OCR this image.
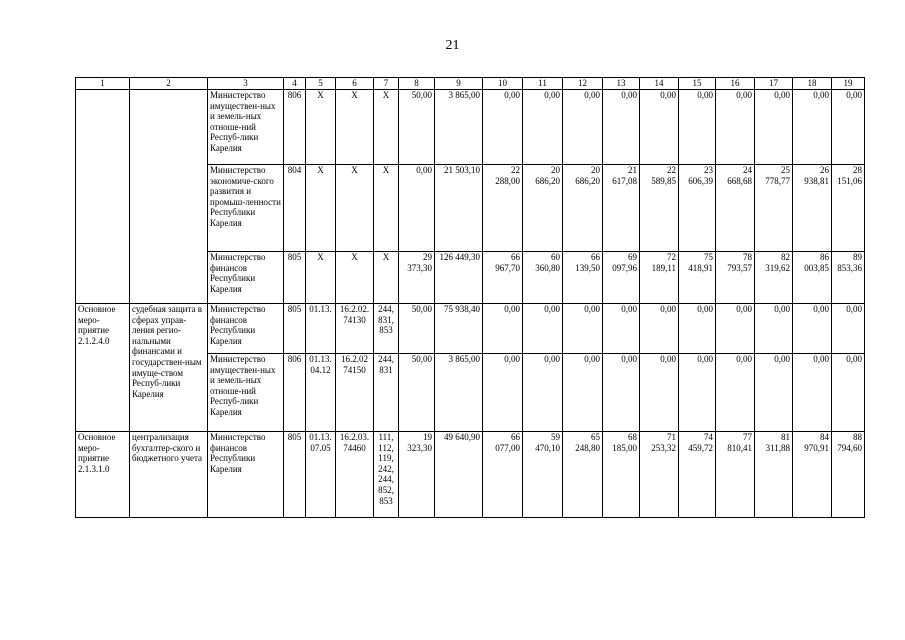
21
1	2	3	4	5	6	7	8	9	10	11	12	13	14	15	16	17	18	19
		Министерство имуществен-ных и земель-ных отноше-ний Респуб-лики Карелия	806	Х	Х	Х	50,00	3 865,00	0,00	0,00	0,00	0,00	0,00	0,00	0,00	0,00	0,00	0,00
		Министерство экономиче-ского развития и промыш-ленности Республики Карелия	804	Х	Х	Х	0,00	21 503,10	22 288,00	20 686,20	20 686,20	21 617,08	22 589,85	23 606,39	24 668,68	25 778,77	26 938,81	28 151,06
		Министерство финансов Республики Карелия	805	Х	Х	Х	29 373,30	126 449,30	66 967,70	60 360,80	66 139,50	69 097,96	72 189,11	75 418,91	78 793,57	82 319,62	86 003,85	89 853,36
Основное меро-приятие 2.1.2.4.0	судебная защита в сферах управ-ления регио-нальными финансами и государствен-ным имуще-ством Респуб-лики Карелия	Министерство финансов Республики Карелия	805	01.13.	16.2.02. 74130	244, 831, 853	50,00	75 938,40	0,00	0,00	0,00	0,00	0,00	0,00	0,00	0,00	0,00	0,00
		Министерство имуществен-ных и земель-ных отноше-ний Респуб-лики Карелия	806	01.13. 04.12	16.2.02 74150	244, 831	50,00	3 865,00	0,00	0,00	0,00	0,00	0,00	0,00	0,00	0,00	0,00	0,00
Основное меро-приятие 2.1.3.1.0	централизация бухгалтер-ского и бюджетного учета	Министерство финансов Республики Карелия	805	01.13. 07.05	16.2.03. 74460	111, 112, 119, 242, 244, 852, 853	19 323,30	49 640,90	66 077,00	59 470,10	65 248,80	68 185,00	71 253,32	74 459,72	77 810,41	81 311,88	84 970,91	88 794,60
